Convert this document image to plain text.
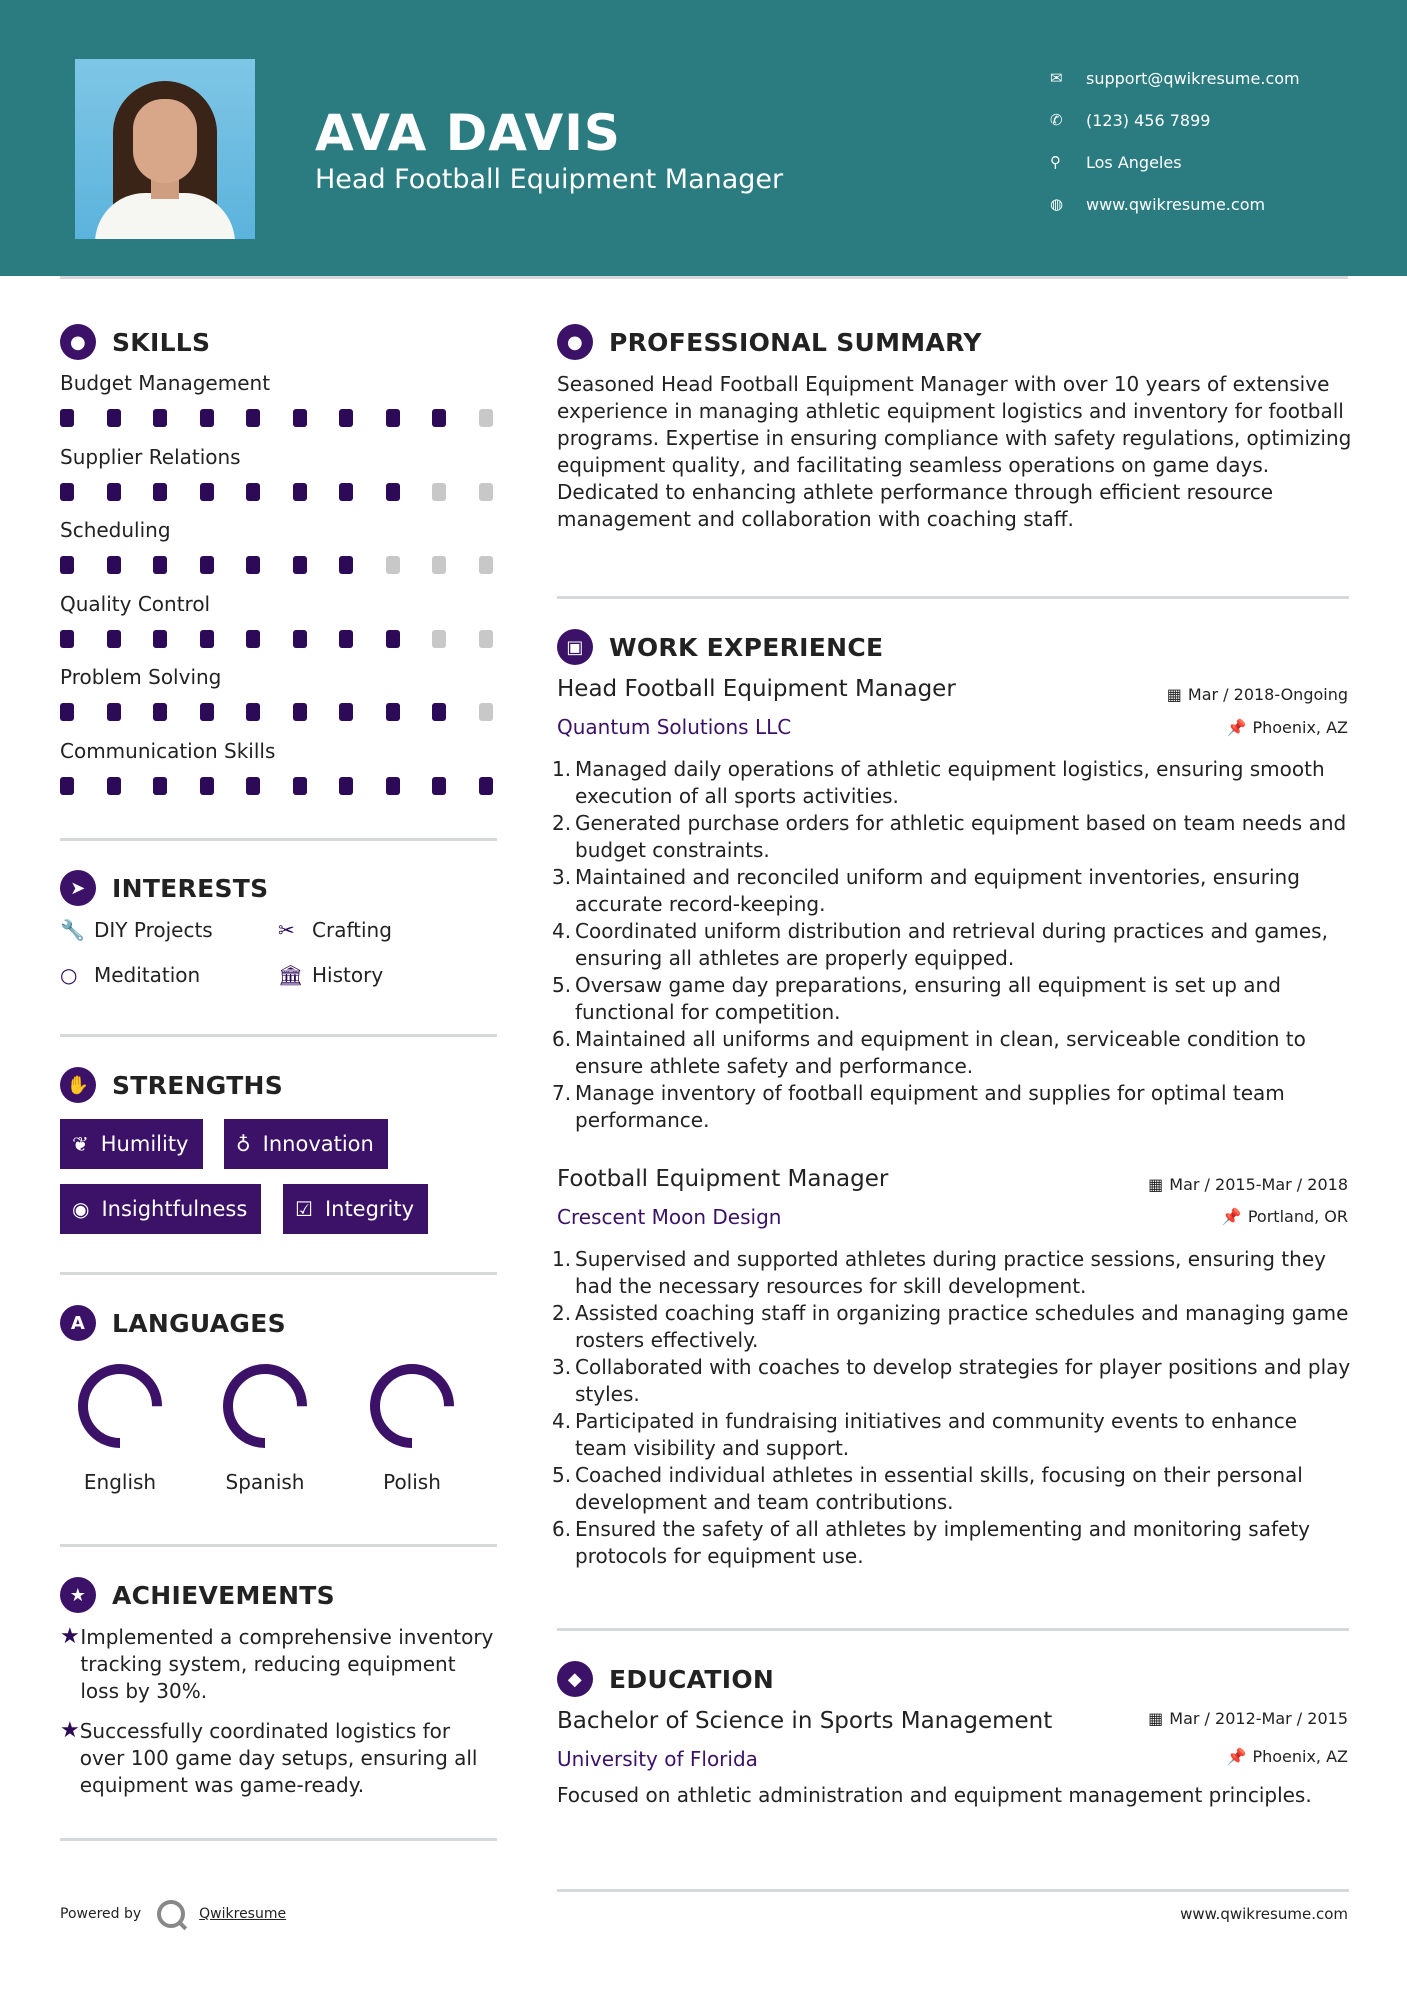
AVA DAVIS
Head Football Equipment Manager
✉	support@qwikresume.com
✆	(123) 456 7899
⚲	Los Angeles
◍	www.qwikresume.com
●	SKILLS
Budget Management
Supplier Relations
Scheduling
Quality Control
Problem Solving
Communication Skills
➤	INTERESTS
🔧 DIY Projects	✂ Crafting
○ Meditation	🏛 History
✋ STRENGTHS
❦ Humility ♁ Innovation
◉ Insightfulness ☑ Integrity
A	LANGUAGES
English	Spanish	Polish
★	ACHIEVEMENTS
★ Implemented a comprehensive inventory tracking system, reducing equipment loss by 30%.
★ Successfully coordinated logistics for over 100 game day setups, ensuring all equipment was game-ready.
●	PROFESSIONAL SUMMARY
Seasoned Head Football Equipment Manager with over 10 years of extensive experience in managing athletic equipment logistics and inventory for football programs. Expertise in ensuring compliance with safety regulations, optimizing equipment quality, and facilitating seamless operations on game days. Dedicated to enhancing athlete performance through efficient resource management and collaboration with coaching staff.
▣	WORK EXPERIENCE
Head Football Equipment Manager	▦ Mar / 2018-Ongoing
Quantum Solutions LLC	📌 Phoenix, AZ
1. Managed daily operations of athletic equipment logistics, ensuring smooth execution of all sports activities.
2. Generated purchase orders for athletic equipment based on team needs and budget constraints.
3. Maintained and reconciled uniform and equipment inventories, ensuring accurate record-keeping.
4. Coordinated uniform distribution and retrieval during practices and games, ensuring all athletes are properly equipped.
5. Oversaw game day preparations, ensuring all equipment is set up and functional for competition.
6. Maintained all uniforms and equipment in clean, serviceable condition to ensure athlete safety and performance.
7. Manage inventory of football equipment and supplies for optimal team performance.
Football Equipment Manager	▦ Mar / 2015-Mar / 2018
Crescent Moon Design	📌 Portland, OR
1. Supervised and supported athletes during practice sessions, ensuring they had the necessary resources for skill development.
2. Assisted coaching staff in organizing practice schedules and managing game rosters effectively.
3. Collaborated with coaches to develop strategies for player positions and play styles.
4. Participated in fundraising initiatives and community events to enhance team visibility and support.
5. Coached individual athletes in essential skills, focusing on their personal development and team contributions.
6. Ensured the safety of all athletes by implementing and monitoring safety protocols for equipment use.
◆	EDUCATION
Bachelor of Science in Sports Management	▦ Mar / 2012-Mar / 2015
University of Florida	📌 Phoenix, AZ
Focused on athletic administration and equipment management principles.
Powered by	Qwikresume	www.qwikresume.com
